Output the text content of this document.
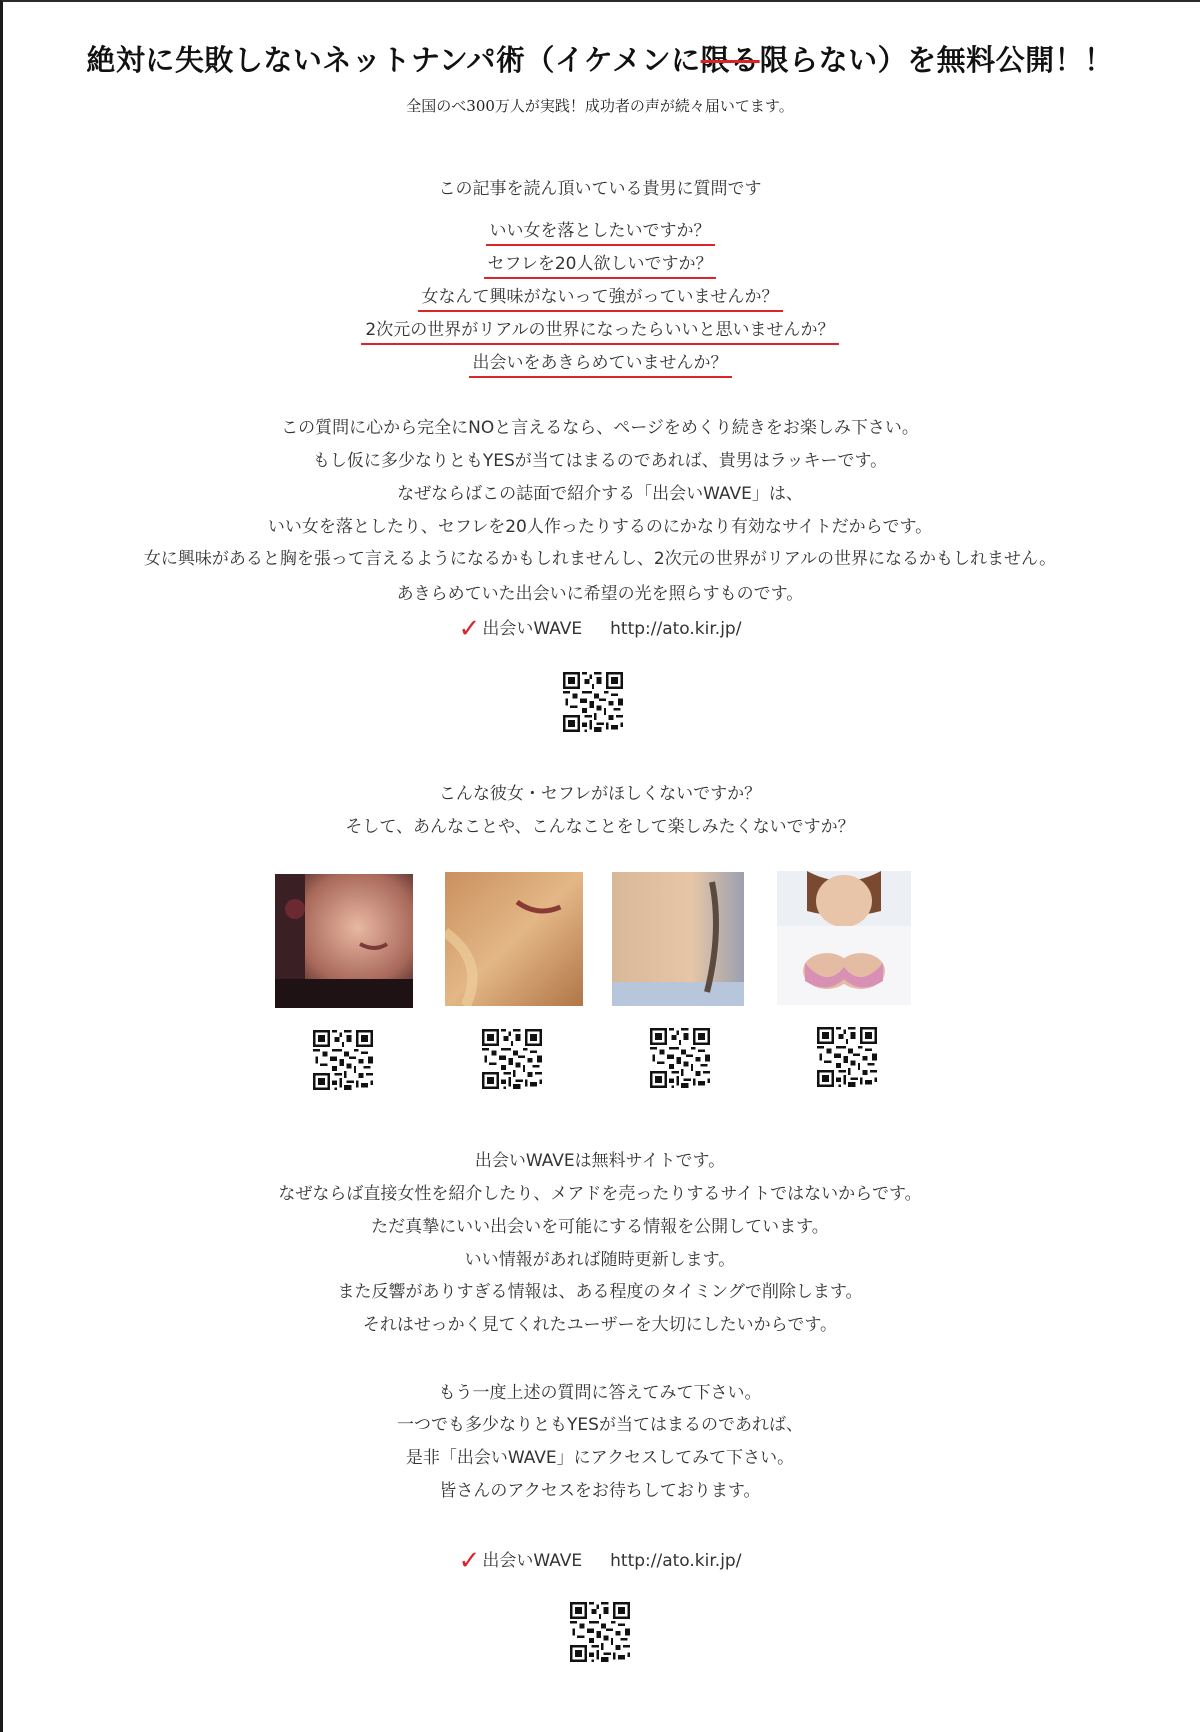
絶対に失敗しないネットナンパ術（イケメンに限る限らない）を無料公開！！
全国のべ300万人が実践！成功者の声が続々届いてます。
この記事を読ん頂いている貴男に質問です
いい女を落としたいですか？
セフレを20人欲しいですか？
女なんて興味がないって強がっていませんか？
2次元の世界がリアルの世界になったらいいと思いませんか？
出会いをあきらめていませんか？
この質問に心から完全にNOと言えるなら、ページをめくり続きをお楽しみ下さい。
もし仮に多少なりともYESが当てはまるのであれば、貴男はラッキーです。
なぜならばこの誌面で紹介する「出会いWAVE」は、
いい女を落としたり、セフレを20人作ったりするのにかなり有効なサイトだからです。
女に興味があると胸を張って言えるようになるかもしれませんし、2次元の世界がリアルの世界になるかもしれません。
あきらめていた出会いに希望の光を照らすものです。
✓ 出会いWAVE http://ato.kir.jp/
こんな彼女・セフレがほしくないですか？
そして、あんなことや、こんなことをして楽しみたくないですか？
出会いWAVEは無料サイトです。
なぜならば直接女性を紹介したり、メアドを売ったりするサイトではないからです。
ただ真摯にいい出会いを可能にする情報を公開しています。
いい情報があれば随時更新します。
また反響がありすぎる情報は、ある程度のタイミングで削除します。
それはせっかく見てくれたユーザーを大切にしたいからです。
もう一度上述の質問に答えてみて下さい。
一つでも多少なりともYESが当てはまるのであれば、
是非「出会いWAVE」にアクセスしてみて下さい。
皆さんのアクセスをお待ちしております。
✓ 出会いWAVE http://ato.kir.jp/
